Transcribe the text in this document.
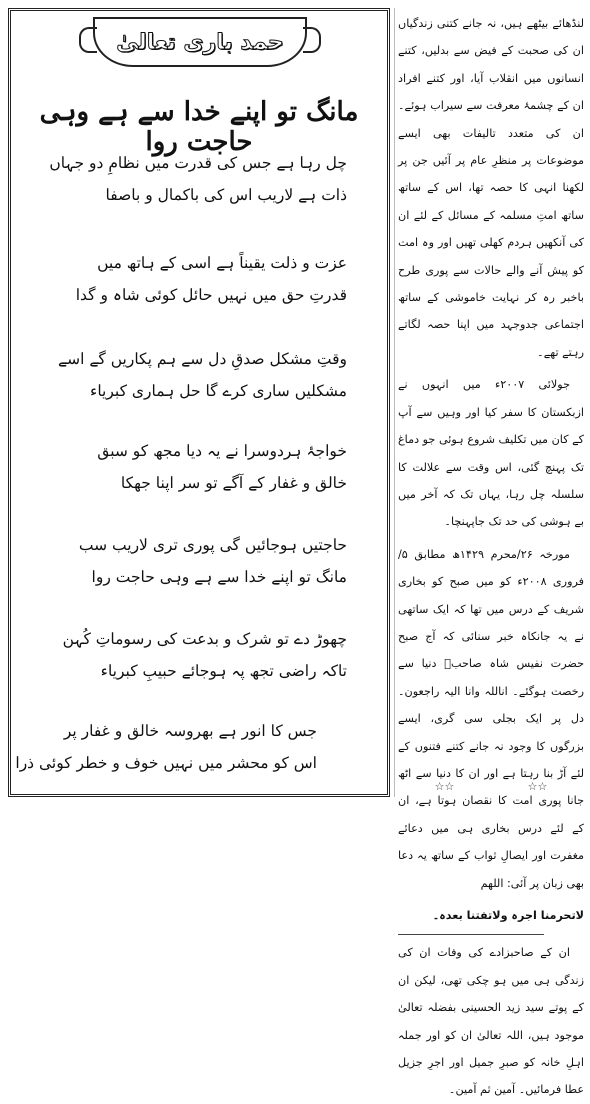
حمد باری تعالیٰ
مانگ تو اپنے خدا سے ہے وہی حاجت روا
چل رہا ہے جس کی قدرت میں نظامِ دو جہاں
ذات ہے لاریب اس کی باکمال و باصفا
عزت و ذلت یقیناً ہے اسی کے ہاتھ میں
قدرتِ حق میں نہیں حائل کوئی شاہ و گدا
وقتِ مشکل صدقِ دل سے ہم پکاریں گے اسے
مشکلیں ساری کرے گا حل ہماری کبریاء
خواجۂ ہردوسرا نے یہ دیا مجھ کو سبق
خالق و غفار کے آگے تو سر اپنا جھکا
حاجتیں ہوجائیں گی پوری تری لاریب سب
مانگ تو اپنے خدا سے ہے وہی حاجت روا
چھوڑ دے تو شرک و بدعت کی رسوماتِ کُہن
تاکہ راضی تجھ پہ ہوجائے حبیبِ کبریاء
جس کا انور ہے بھروسہ خالق و غفار پر
اس کو محشر میں نہیں خوف و خطر کوئی ذرا

لنڈھائے بیٹھے ہیں، نہ جانے کتنی زندگیاں ان کی صحبت کے فیض سے بدلیں، کتنے انسانوں میں انقلاب آیا، اور کتنے افراد ان کے چشمۂ معرفت سے سیراب ہوئے۔ ان کی متعدد تالیفات بھی ایسے موضوعات پر منظرِ عام پر آئیں جن پر لکھنا انہی کا حصہ تھا، اس کے ساتھ ساتھ امتِ مسلمہ کے مسائل کے لئے ان کی آنکھیں ہردم کھلی تھیں اور وہ امت کو پیش آنے والے حالات سے پوری طرح باخبر رہ کر نہایت خاموشی کے ساتھ اجتماعی جدوجہد میں اپنا حصہ لگاتے رہتے تھے۔

جولائی ۲۰۰۷ء میں انہوں نے ازبکستان کا سفر کیا اور وہیں سے آپ کے کان میں تکلیف شروع ہوئی جو دماغ تک پہنچ گئی، اس وقت سے علالت کا سلسلہ چل رہا، یہاں تک کہ آخر میں بے ہوشی کی حد تک جاپہنچا۔

مورخہ ۲۶/محرم ۱۴۲۹ھ مطابق ۵/فروری ۲۰۰۸ء کو میں صبح کو بخاری شریف کے درس میں تھا کہ ایک ساتھی نے یہ جانکاہ خبر سنائی کہ آج صبح حضرت نفیس شاہ صاحبؒ دنیا سے رخصت ہوگئے۔ اناللہ وانا الیہ راجعون۔ دل پر ایک بجلی سی گری، ایسے بزرگوں کا وجود نہ جانے کتنے فتنوں کے لئے آڑ بنا رہتا ہے اور ان کا دنیا سے اٹھ جانا پوری امت کا نقصان ہوتا ہے، ان کے لئے درس بخاری ہی میں دعائے مغفرت اور ایصالِ ثواب کے ساتھ یہ دعا بھی زبان پر آئی: اللھم

لاتحرمنا اجرہ ولاتفتنا بعدہ۔

ان کے صاحبزادے کی وفات ان کی زندگی ہی میں ہو چکی تھی، لیکن ان کے پوتے سید زید الحسینی بفضلہ تعالیٰ موجود ہیں، اللہ تعالیٰ ان کو اور جملہ اہلِ خانہ کو صبرِ جمیل اور اجرِ جزیل عطا فرمائیں۔ آمین ثم آمین۔

☆☆	☆☆
